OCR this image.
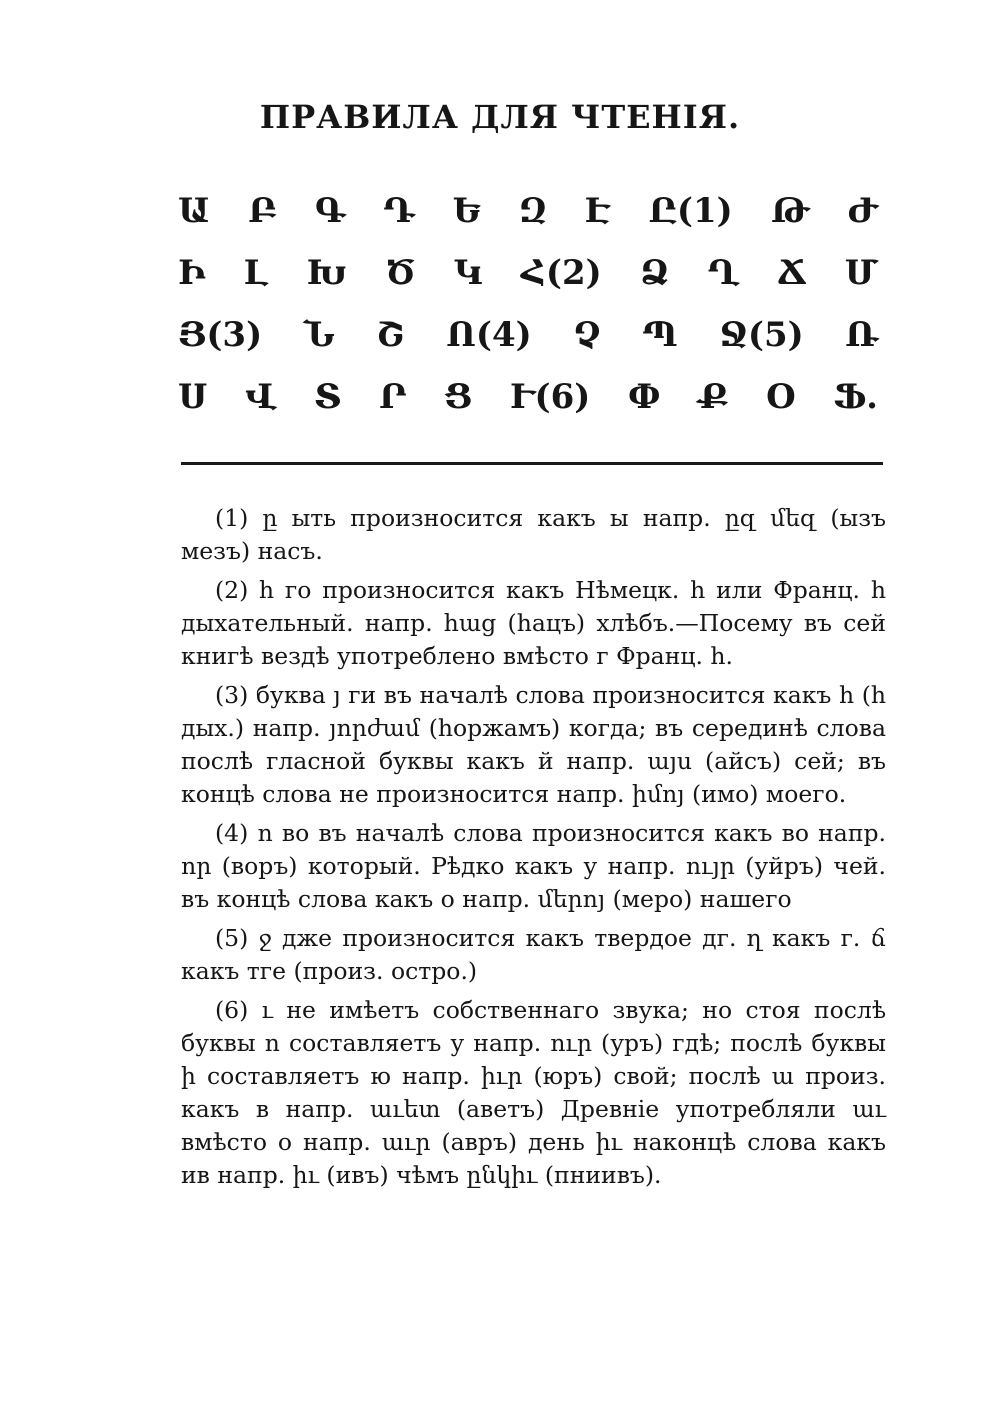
ПРАВИЛА ДЛЯ ЧТЕНІЯ.
Ա Բ Գ Դ Ե Զ Է Ը(1) Թ Ժ
Ի Լ Խ Ծ Կ Հ(2) Ձ Ղ Ճ Մ
Յ(3) Ն Շ Ո(4) Չ Պ Ջ(5) Ռ
Ս Վ Տ Ր Ց Ւ(6) Փ Ք Օ Ֆ.

(1) ը ыть произносится какъ ы напр. ըզ մեզ (ызъ мезъ) насъ.

(2) հ го произносится какъ Нѣмецк. h или Франц. h дыхательный. напр. հաց (hацъ) хлѣбъ.—Посему въ сей книгѣ вездѣ употреблено вмѣсто г Франц. h.

(3) буква յ ги въ началѣ слова произносится какъ h (h дых.) напр. յորժամ (hоржамъ) когда; въ серединѣ слова послѣ гласной буквы какъ й напр. այս (айсъ) сей; въ концѣ слова не произносится напр. իմոյ (имо) моего.

(4) ո во въ началѣ слова произносится какъ во напр. որ (воръ) который. Рѣдко какъ у напр. ույր (уйръ) чей. въ концѣ слова какъ о напр. մերոյ (меро) нашего

(5) ջ дже произносится какъ твердое дг. ղ какъ г. ճ какъ тге (произ. остро.)

(6) ւ не имѣетъ собственнаго звука; но стоя послѣ буквы ո составляетъ у напр. ուր (уръ) гдѣ; послѣ буквы ի составляетъ ю напр. իւր (юръ) свой; послѣ ա произ. какъ в напр. աւետ (аветъ) Древніе употребляли աւ вмѣсто о напр. աւր (авръ) день իւ наконцѣ слова какъ ив напр. իւ (ивъ) чѣмъ ընկիւ (пниивъ).
